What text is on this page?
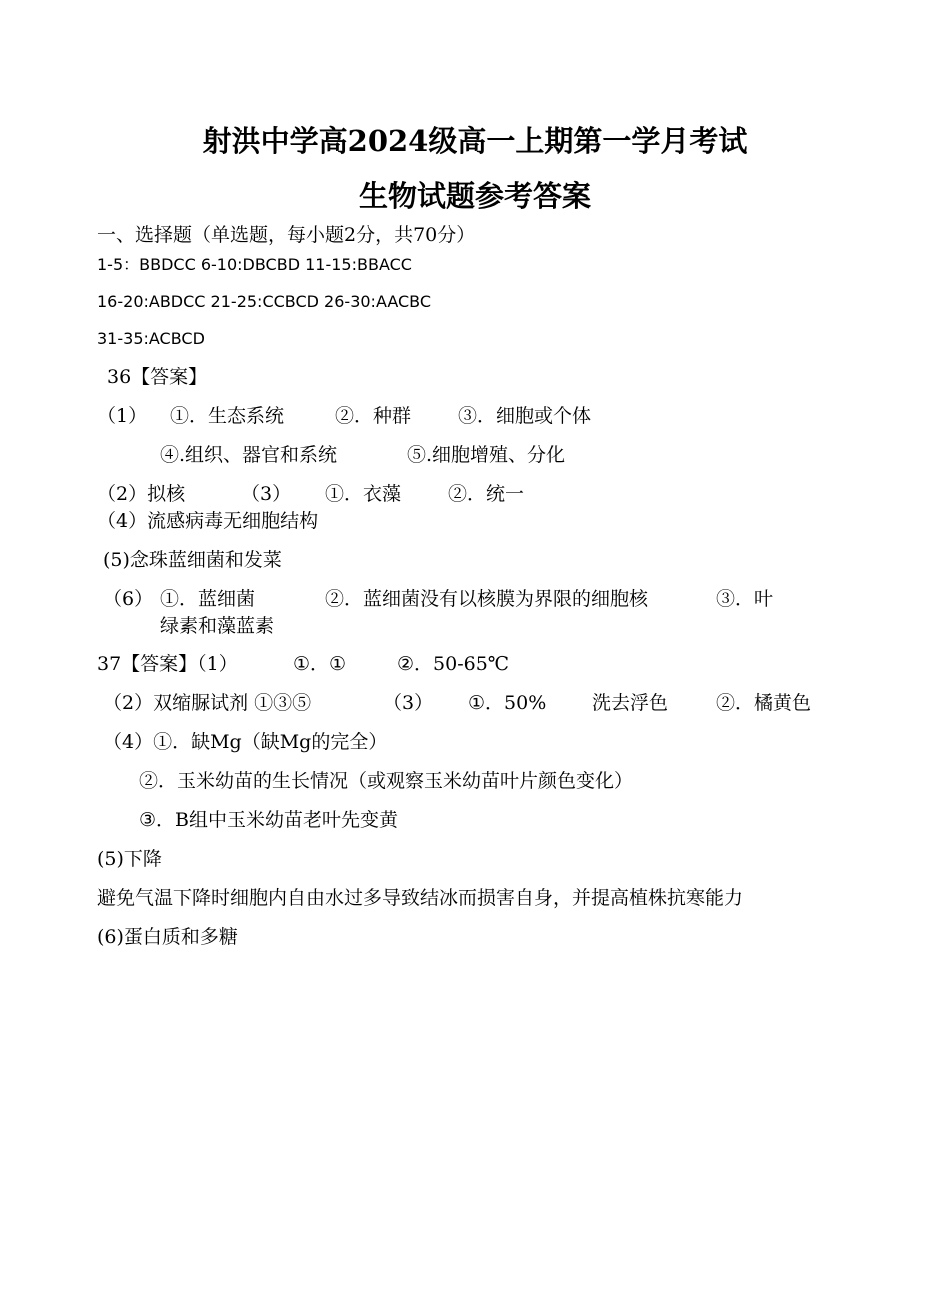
射洪中学高2024级高一上期第一学月考试
生物试题参考答案
一、选择题（单选题，每小题2分，共70分）
1-5：BBDCC 6-10:DBCBD 11-15:BBACC
16-20:ABDCC 21-25:CCBCD 26-30:AACBC
31-35:ACBCD
36【答案】
（1） ①．生态系统	②．种群 ③．细胞或个体
④.组织、器官和系统	⑤.细胞增殖、分化
（2）拟核	（3） ①．衣藻 ②．统一
（4）流感病毒无细胞结构
(5)念珠蓝细菌和发菜
（6） ①．蓝细菌	②．蓝细菌没有以核膜为界限的细胞核	③．叶
绿素和藻蓝素
37【答案】（1）	①．①	②．50-65℃
（2）双缩脲试剂 ①③⑤	（3） ①．50% 洗去浮色	②．橘黄色
（4）①．缺Mg（缺Mg的完全）
②．玉米幼苗的生长情况（或观察玉米幼苗叶片颜色变化）
③．B组中玉米幼苗老叶先变黄
(5)下降
避免气温下降时细胞内自由水过多导致结冰而损害自身，并提高植株抗寒能力
(6)蛋白质和多糖
